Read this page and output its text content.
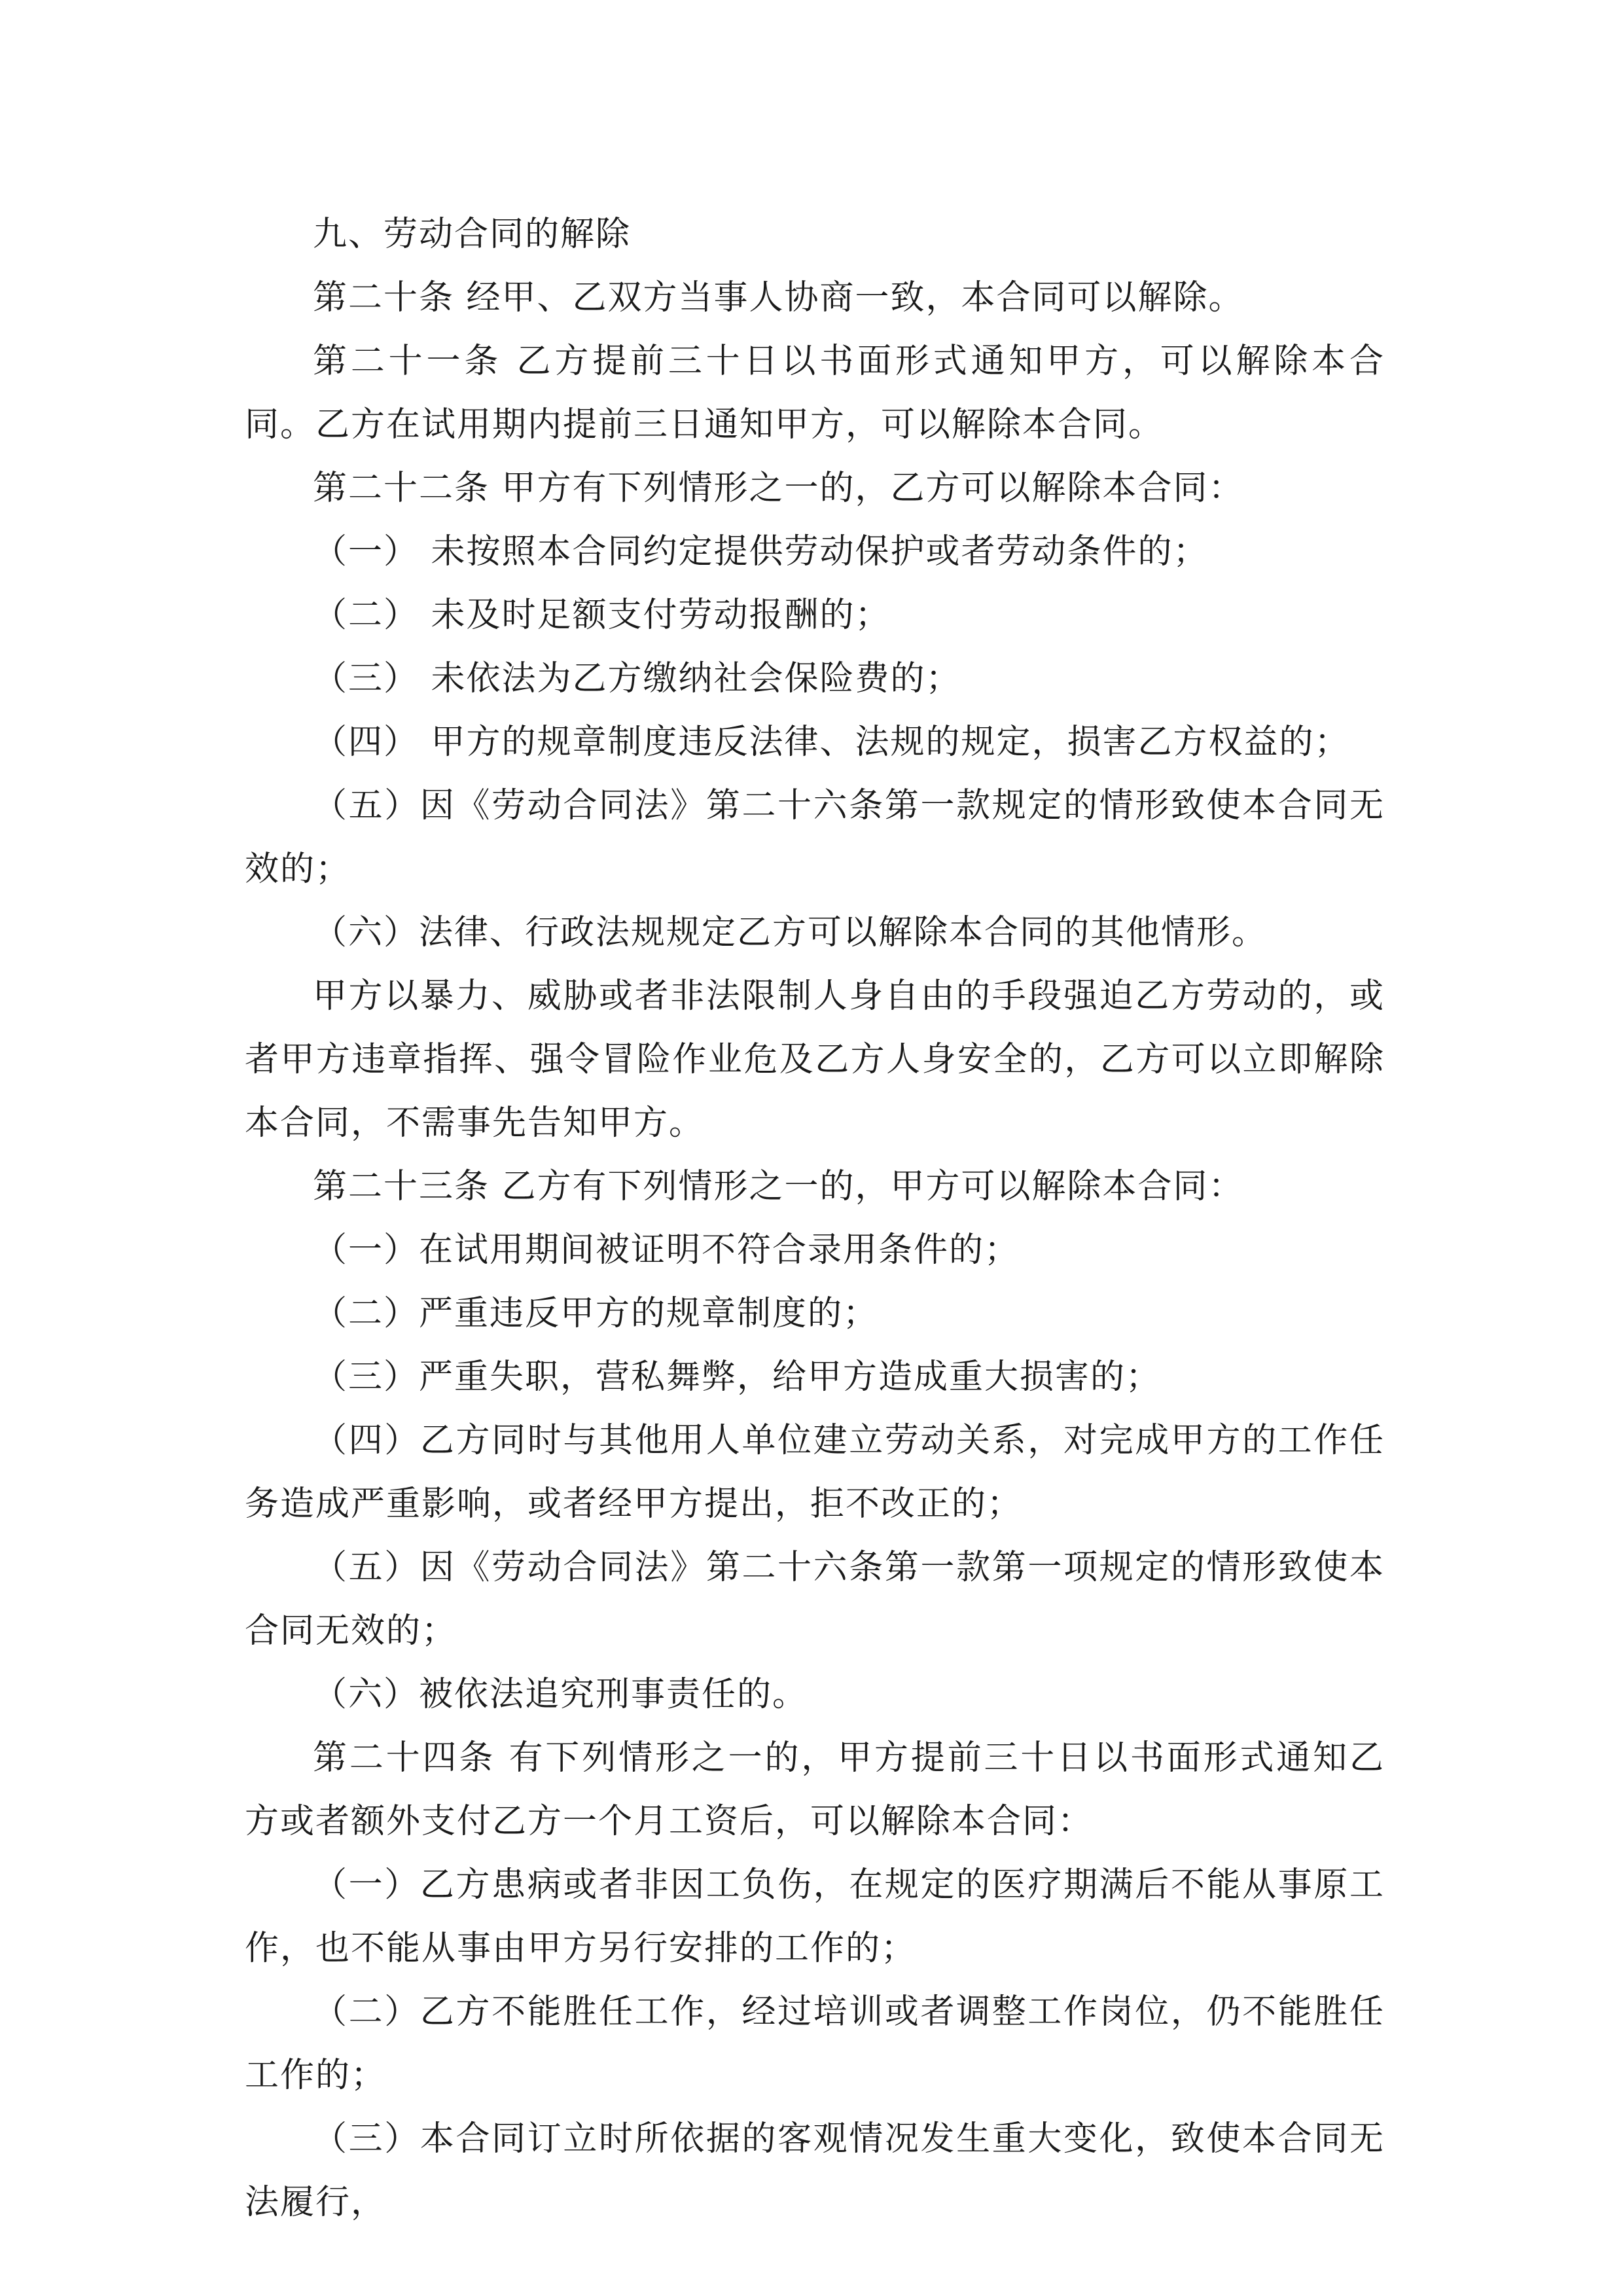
九、劳动合同的解除

第二十条 经甲、乙双方当事人协商一致，本合同可以解除。

第二十一条 乙方提前三十日以书面形式通知甲方，可以解除本合同。乙方在试用期内提前三日通知甲方，可以解除本合同。

第二十二条 甲方有下列情形之一的，乙方可以解除本合同：

（一） 未按照本合同约定提供劳动保护或者劳动条件的；

（二） 未及时足额支付劳动报酬的；

（三） 未依法为乙方缴纳社会保险费的；

（四） 甲方的规章制度违反法律、法规的规定，损害乙方权益的；

（五）因《劳动合同法》第二十六条第一款规定的情形致使本合同无效的；

（六）法律、行政法规规定乙方可以解除本合同的其他情形。

甲方以暴力、威胁或者非法限制人身自由的手段强迫乙方劳动的，或者甲方违章指挥、强令冒险作业危及乙方人身安全的，乙方可以立即解除本合同，不需事先告知甲方。

第二十三条 乙方有下列情形之一的，甲方可以解除本合同：

（一）在试用期间被证明不符合录用条件的；

（二）严重违反甲方的规章制度的；

（三）严重失职，营私舞弊，给甲方造成重大损害的；

（四）乙方同时与其他用人单位建立劳动关系，对完成甲方的工作任务造成严重影响，或者经甲方提出，拒不改正的；

（五）因《劳动合同法》第二十六条第一款第一项规定的情形致使本合同无效的；

（六）被依法追究刑事责任的。

第二十四条 有下列情形之一的，甲方提前三十日以书面形式通知乙方或者额外支付乙方一个月工资后，可以解除本合同：

（一）乙方患病或者非因工负伤，在规定的医疗期满后不能从事原工作，也不能从事由甲方另行安排的工作的；

（二）乙方不能胜任工作，经过培训或者调整工作岗位，仍不能胜任工作的；

（三）本合同订立时所依据的客观情况发生重大变化，致使本合同无法履行，
